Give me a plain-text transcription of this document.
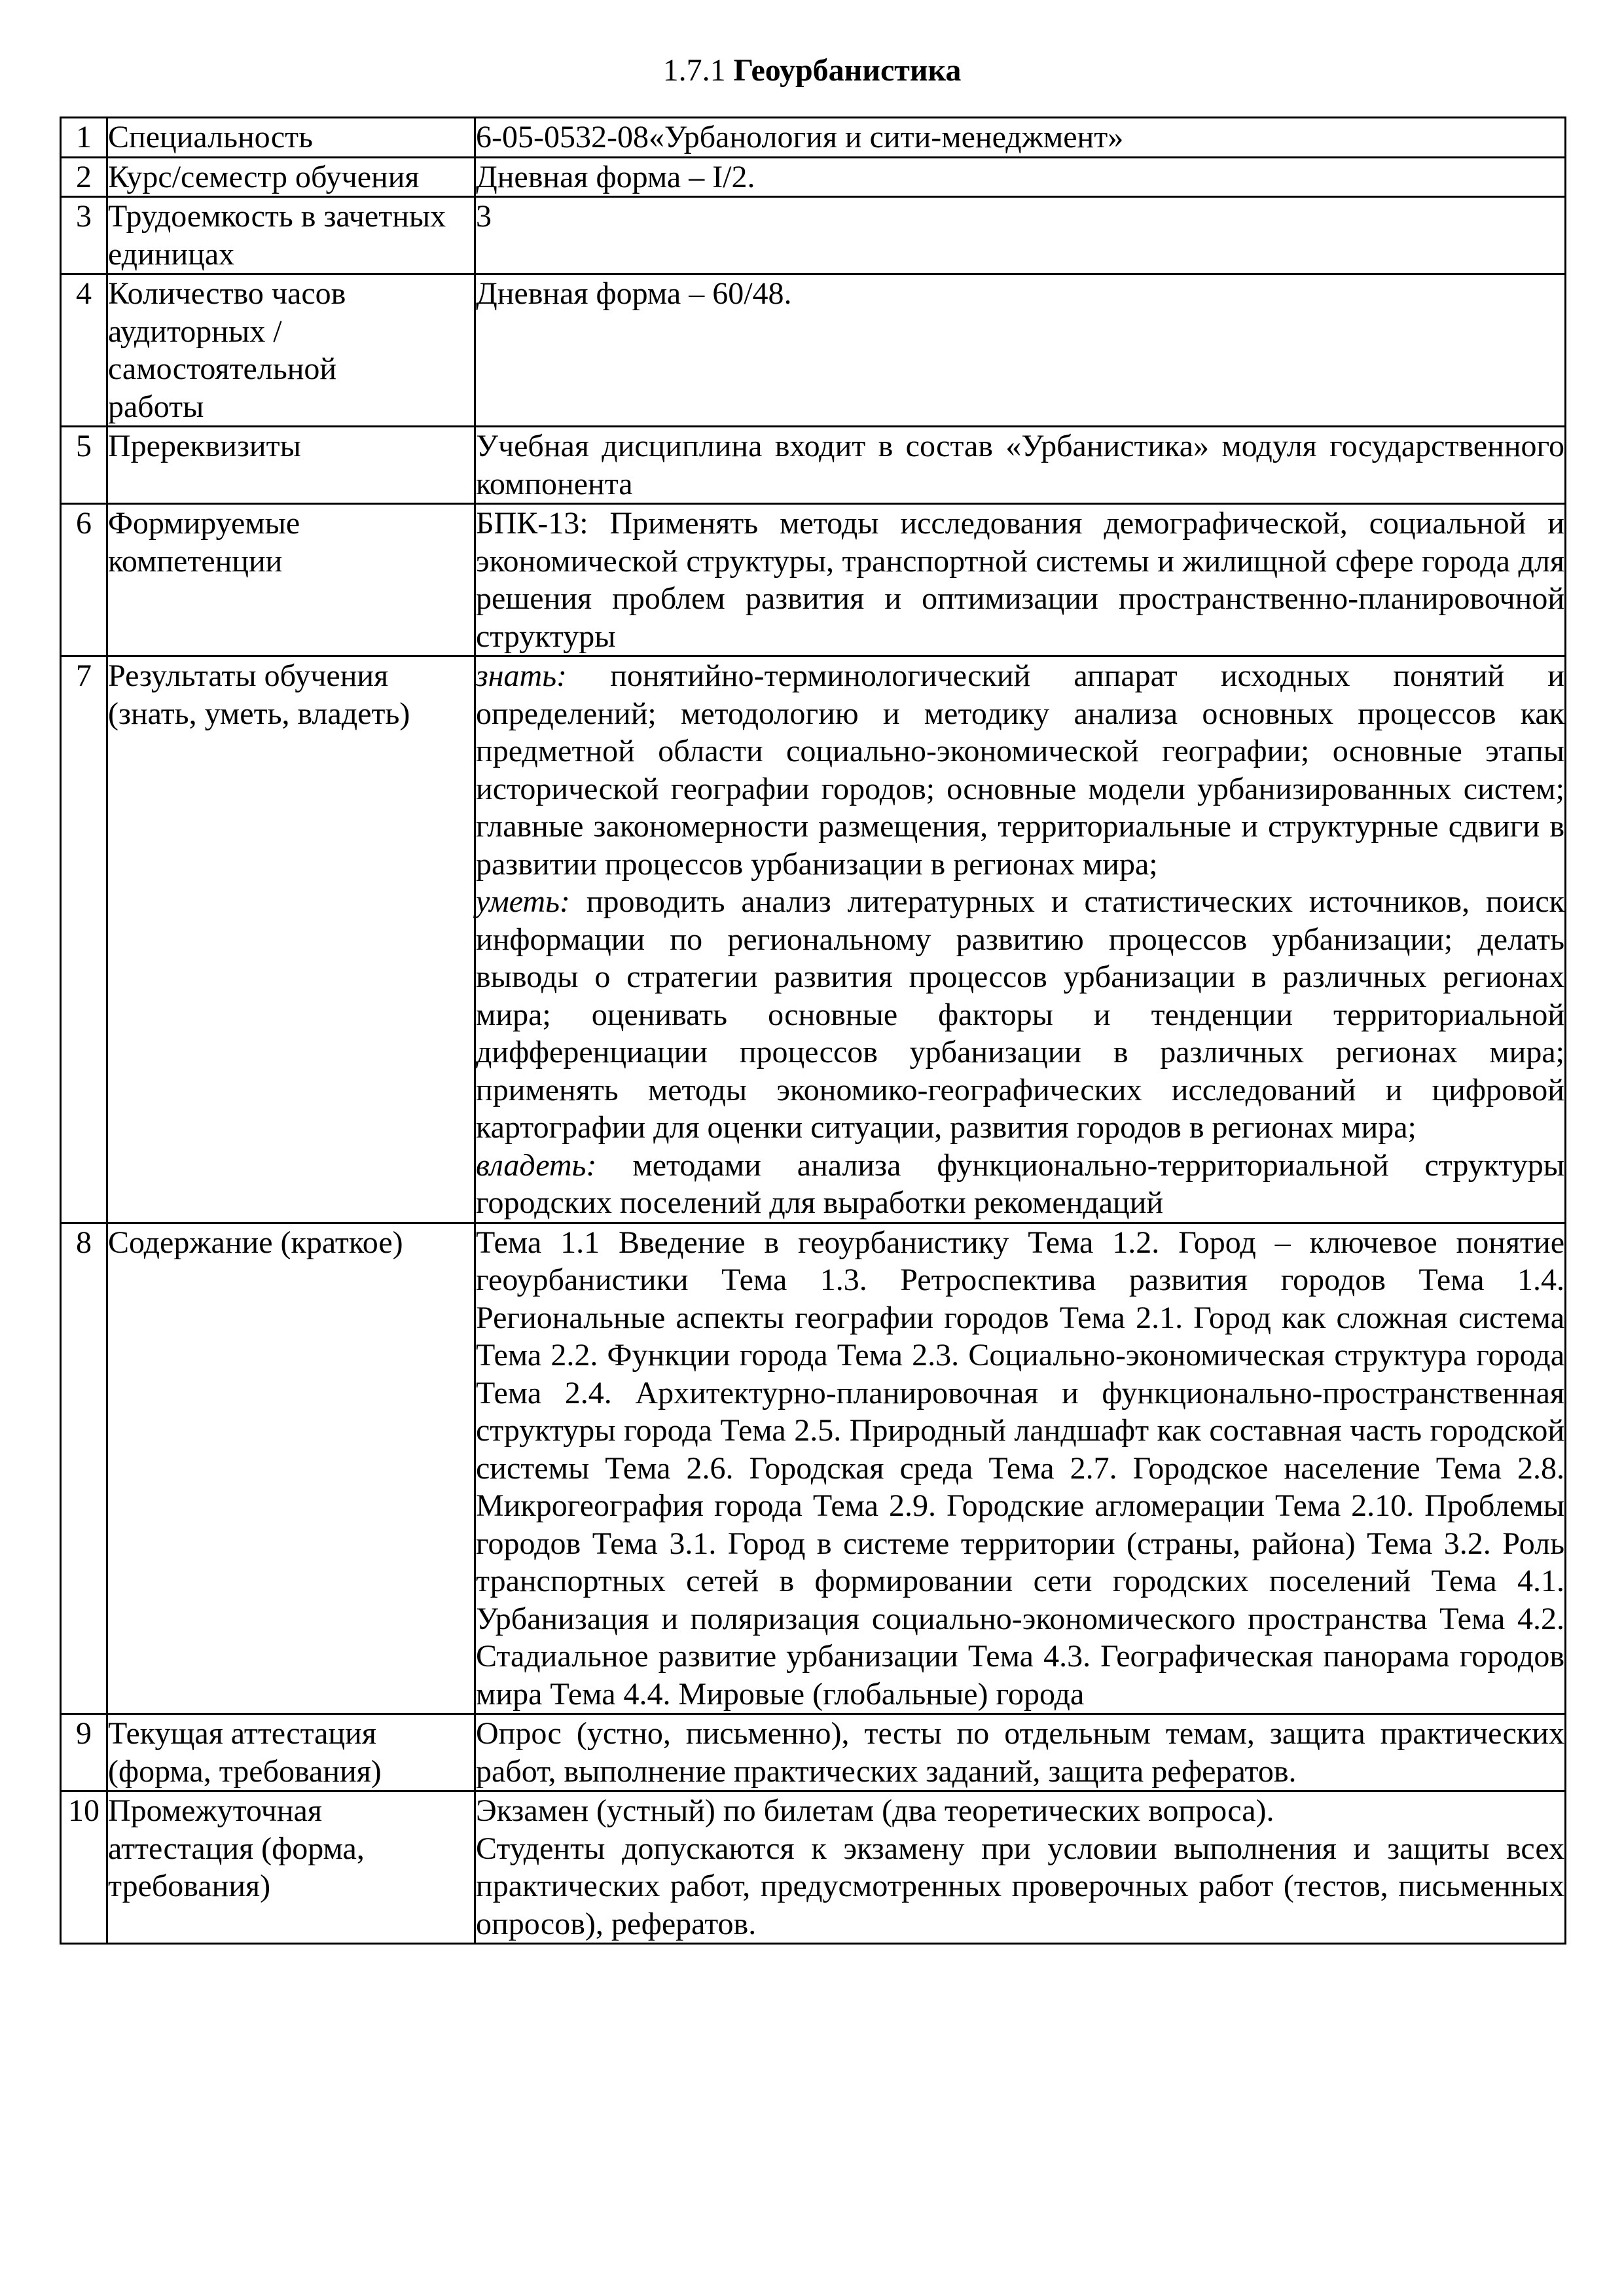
1.7.1 Геоурбанистика
1	Специальность	6-05-0532-08«Урбанология и сити-менеджмент»
2	Курс/семестр обучения	Дневная форма – I/2.
3	Трудоемкость в зачетных единицах	3
4	Количество часов аудиторных / самостоятельной работы	Дневная форма – 60/48.
5	Пререквизиты	Учебная дисциплина входит в состав «Урбанистика» модуля государственного компонента
6	Формируемые компетенции	БПК-13: Применять методы исследования демографической, социальной и экономической структуры, транспортной системы и жилищной сфере города для решения проблем развития и оптимизации пространственно-планировочной структуры
7	Результаты обучения (знать, уметь, владеть)	знать: понятийно-терминологический аппарат исходных понятий и определений; методологию и методику анализа основных процессов как предметной области социально-экономической географии; основные этапы исторической географии городов; основные модели урбанизированных систем; главные закономерности размещения, территориальные и структурные сдвиги в развитии процессов урбанизации в регионах мира;
уметь: проводить анализ литературных и статистических источников, поиск информации по региональному развитию процессов урбанизации; делать выводы о стратегии развития процессов урбанизации в различных регионах мира; оценивать основные факторы и тенденции территориальной дифференциации процессов урбанизации в различных регионах мира; применять методы экономико-географических исследований и цифровой картографии для оценки ситуации, развития городов в регионах мира;
владеть: методами анализа функционально-территориальной структуры городских поселений для выработки рекомендаций

8	Содержание (краткое)	Тема 1.1 Введение в геоурбанистику Тема 1.2. Город – ключевое понятие геоурбанистики Тема 1.3. Ретроспектива развития городов Тема 1.4. Региональные аспекты географии городов Тема 2.1. Город как сложная система Тема 2.2. Функции города Тема 2.3. Социально-экономическая структура города Тема 2.4. Архитектурно-планировочная и функционально-пространственная структуры города Тема 2.5. Природный ландшафт как составная часть городской системы Тема 2.6. Городская среда Тема 2.7. Городское население Тема 2.8. Микрогеография города Тема 2.9. Городские агломерации Тема 2.10. Проблемы городов Тема 3.1. Город в системе территории (страны, района) Тема 3.2. Роль транспортных сетей в формировании сети городских поселений Тема 4.1. Урбанизация и поляризация социально-экономического пространства Тема 4.2. Стадиальное развитие урбанизации Тема 4.3. Географическая панорама городов мира Тема 4.4. Мировые (глобальные) города
9	Текущая аттестация (форма, требования)	Опрос (устно, письменно), тесты по отдельным темам, защита практических работ, выполнение практических заданий, защита рефератов.
10	Промежуточная аттестация (форма, требования)	Экзамен (устный) по билетам (два теоретических вопроса).
Студенты допускаются к экзамену при условии выполнения и защиты всех практических работ, предусмотренных проверочных работ (тестов, письменных опросов), рефератов.
